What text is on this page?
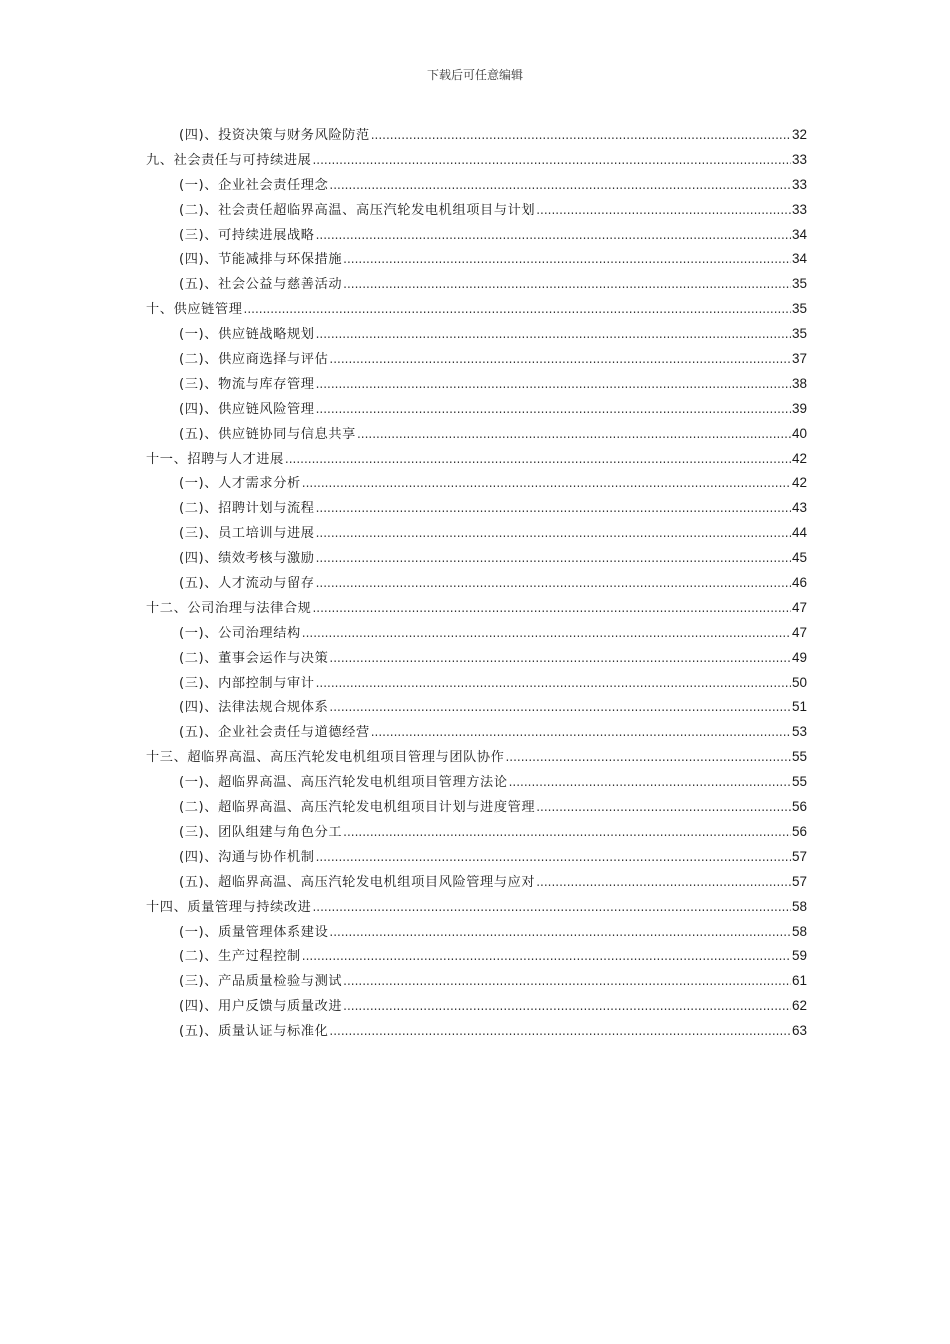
下载后可任意编辑
(四)、投资决策与财务风险防范 .....	32
九、社会责任与可持续进展 .....	33
(一)、企业社会责任理念 .....	33
(二)、社会责任超临界高温、高压汽轮发电机组项目与计划 .....	33
(三)、可持续进展战略 .....	34
(四)、节能减排与环保措施 .....	34
(五)、社会公益与慈善活动 .....	35
十、供应链管理 .....	35
(一)、供应链战略规划 .....	35
(二)、供应商选择与评估 .....	37
(三)、物流与库存管理 .....	38
(四)、供应链风险管理 .....	39
(五)、供应链协同与信息共享 .....	40
十一、招聘与人才进展 .....	42
(一)、人才需求分析 .....	42
(二)、招聘计划与流程 .....	43
(三)、员工培训与进展 .....	44
(四)、绩效考核与激励 .....	45
(五)、人才流动与留存 .....	46
十二、公司治理与法律合规 .....	47
(一)、公司治理结构 .....	47
(二)、董事会运作与决策 .....	49
(三)、内部控制与审计 .....	50
(四)、法律法规合规体系 .....	51
(五)、企业社会责任与道德经营 .....	53
十三、超临界高温、高压汽轮发电机组项目管理与团队协作 .....	55
(一)、超临界高温、高压汽轮发电机组项目管理方法论 .....	55
(二)、超临界高温、高压汽轮发电机组项目计划与进度管理 .....	56
(三)、团队组建与角色分工 .....	56
(四)、沟通与协作机制 .....	57
(五)、超临界高温、高压汽轮发电机组项目风险管理与应对 .....	57
十四、质量管理与持续改进 .....	58
(一)、质量管理体系建设 .....	58
(二)、生产过程控制 .....	59
(三)、产品质量检验与测试 .....	61
(四)、用户反馈与质量改进 .....	62
(五)、质量认证与标准化 .....	63
